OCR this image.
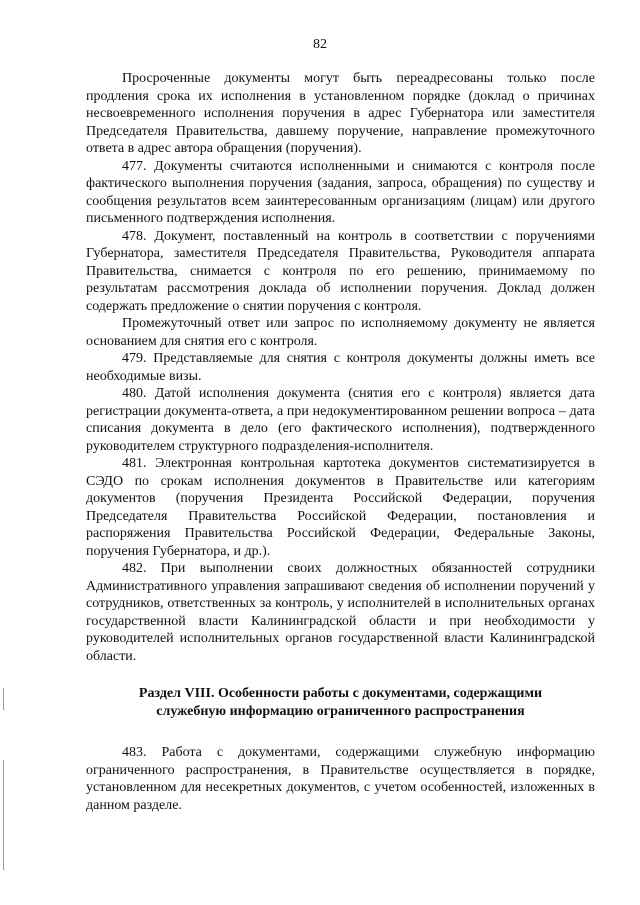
82

Просроченные документы могут быть переадресованы только после продления срока их исполнения в установленном порядке (доклад о причинах несвоевременного исполнения поручения в адрес Губернатора или заместителя Председателя Правительства, давшему поручение, направление промежуточного ответа в адрес автора обращения (поручения).

477. Документы считаются исполненными и снимаются с контроля после фактического выполнения поручения (задания, запроса, обращения) по существу и сообщения результатов всем заинтересованным организациям (лицам) или другого письменного подтверждения исполнения.

478. Документ, поставленный на контроль в соответствии с поручениями Губернатора, заместителя Председателя Правительства, Руководителя аппарата Правительства, снимается с контроля по его решению, принимаемому по результатам рассмотрения доклада об исполнении поручения. Доклад должен содержать предложение о снятии поручения с контроля.

Промежуточный ответ или запрос по исполняемому документу не является основанием для снятия его с контроля.

479. Представляемые для снятия с контроля документы должны иметь все необходимые визы.

480. Датой исполнения документа (снятия его с контроля) является дата регистрации документа-ответа, а при недокументированном решении вопроса – дата списания документа в дело (его фактического исполнения), подтвержденного руководителем структурного подразделения-исполнителя.

481. Электронная контрольная картотека документов систематизируется в СЭДО по срокам исполнения документов в Правительстве или категориям документов (поручения Президента Российской Федерации, поручения Председателя Правительства Российской Федерации, постановления и распоряжения Правительства Российской Федерации, Федеральные Законы, поручения Губернатора, и др.).

482. При выполнении своих должностных обязанностей сотрудники Административного управления запрашивают сведения об исполнении поручений у сотрудников, ответственных за контроль, у исполнителей в исполнительных органах государственной власти Калининградской области и при необходимости у руководителей исполнительных органов государственной власти Калининградской области.

Раздел VIII. Особенности работы с документами, содержащими
служебную информацию ограниченного распространения

483. Работа с документами, содержащими служебную информацию ограниченного распространения, в Правительстве осуществляется в порядке, установленном для несекретных документов, с учетом особенностей, изложенных в данном разделе.
